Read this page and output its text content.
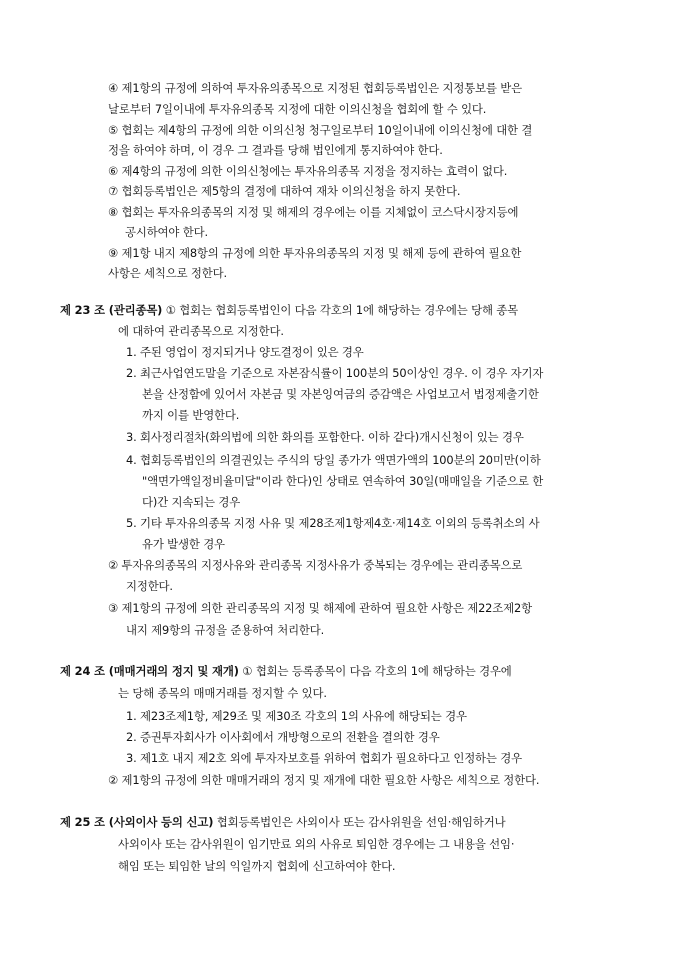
④ 제1항의 규정에 의하여 투자유의종목으로 지정된 협회등록법인은 지정통보를 받은
날로부터 7일이내에 투자유의종목 지정에 대한 이의신청을 협회에 할 수 있다.
⑤ 협회는 제4항의 규정에 의한 이의신청 청구일로부터 10일이내에 이의신청에 대한 결
정을 하여야 하며, 이 경우 그 결과를 당해 법인에게 통지하여야 한다.
⑥ 제4항의 규정에 의한 이의신청에는 투자유의종목 지정을 정지하는 효력이 없다.
⑦ 협회등록법인은 제5항의 결정에 대하여 재차 이의신청을 하지 못한다.
⑧ 협회는 투자유의종목의 지정 및 해제의 경우에는 이를 지체없이 코스닥시장지등에
공시하여야 한다.
⑨ 제1항 내지 제8항의 규정에 의한 투자유의종목의 지정 및 해제 등에 관하여 필요한
사항은 세칙으로 정한다.
제 23 조 (관리종목) ① 협회는 협회등록법인이 다음 각호의 1에 해당하는 경우에는 당해 종목
에 대하여 관리종목으로 지정한다.
1. 주된 영업이 정지되거나 양도결정이 있은 경우
2. 최근사업연도말을 기준으로 자본잠식률이 100분의 50이상인 경우. 이 경우 자기자
본을 산정함에 있어서 자본금 및 자본잉여금의 증감액은 사업보고서 법정제출기한
까지 이를 반영한다.
3. 회사정리절차(화의법에 의한 화의를 포함한다. 이하 같다)개시신청이 있는 경우
4. 협회등록법인의 의결권있는 주식의 당일 종가가 액면가액의 100분의 20미만(이하
"액면가액일정비율미달"이라 한다)인 상태로 연속하여 30일(매매일을 기준으로 한
다)간 지속되는 경우
5. 기타 투자유의종목 지정 사유 및 제28조제1항제4호·제14호 이외의 등록취소의 사
유가 발생한 경우
② 투자유의종목의 지정사유와 관리종목 지정사유가 중복되는 경우에는 관리종목으로
지정한다.
③ 제1항의 규정에 의한 관리종목의 지정 및 해제에 관하여 필요한 사항은 제22조제2항
내지 제9항의 규정을 준용하여 처리한다.
제 24 조 (매매거래의 정지 및 재개) ① 협회는 등록종목이 다음 각호의 1에 해당하는 경우에
는 당해 종목의 매매거래를 정지할 수 있다.
1. 제23조제1항, 제29조 및 제30조 각호의 1의 사유에 해당되는 경우
2. 증권투자회사가 이사회에서 개방형으로의 전환을 결의한 경우
3. 제1호 내지 제2호 외에 투자자보호를 위하여 협회가 필요하다고 인정하는 경우
② 제1항의 규정에 의한 매매거래의 정지 및 재개에 대한 필요한 사항은 세칙으로 정한다.
제 25 조 (사외이사 등의 신고) 협회등록법인은 사외이사 또는 감사위원을 선임·해임하거나
사외이사 또는 감사위원이 임기만료 외의 사유로 퇴임한 경우에는 그 내용을 선임·
해임 또는 퇴임한 날의 익일까지 협회에 신고하여야 한다.
